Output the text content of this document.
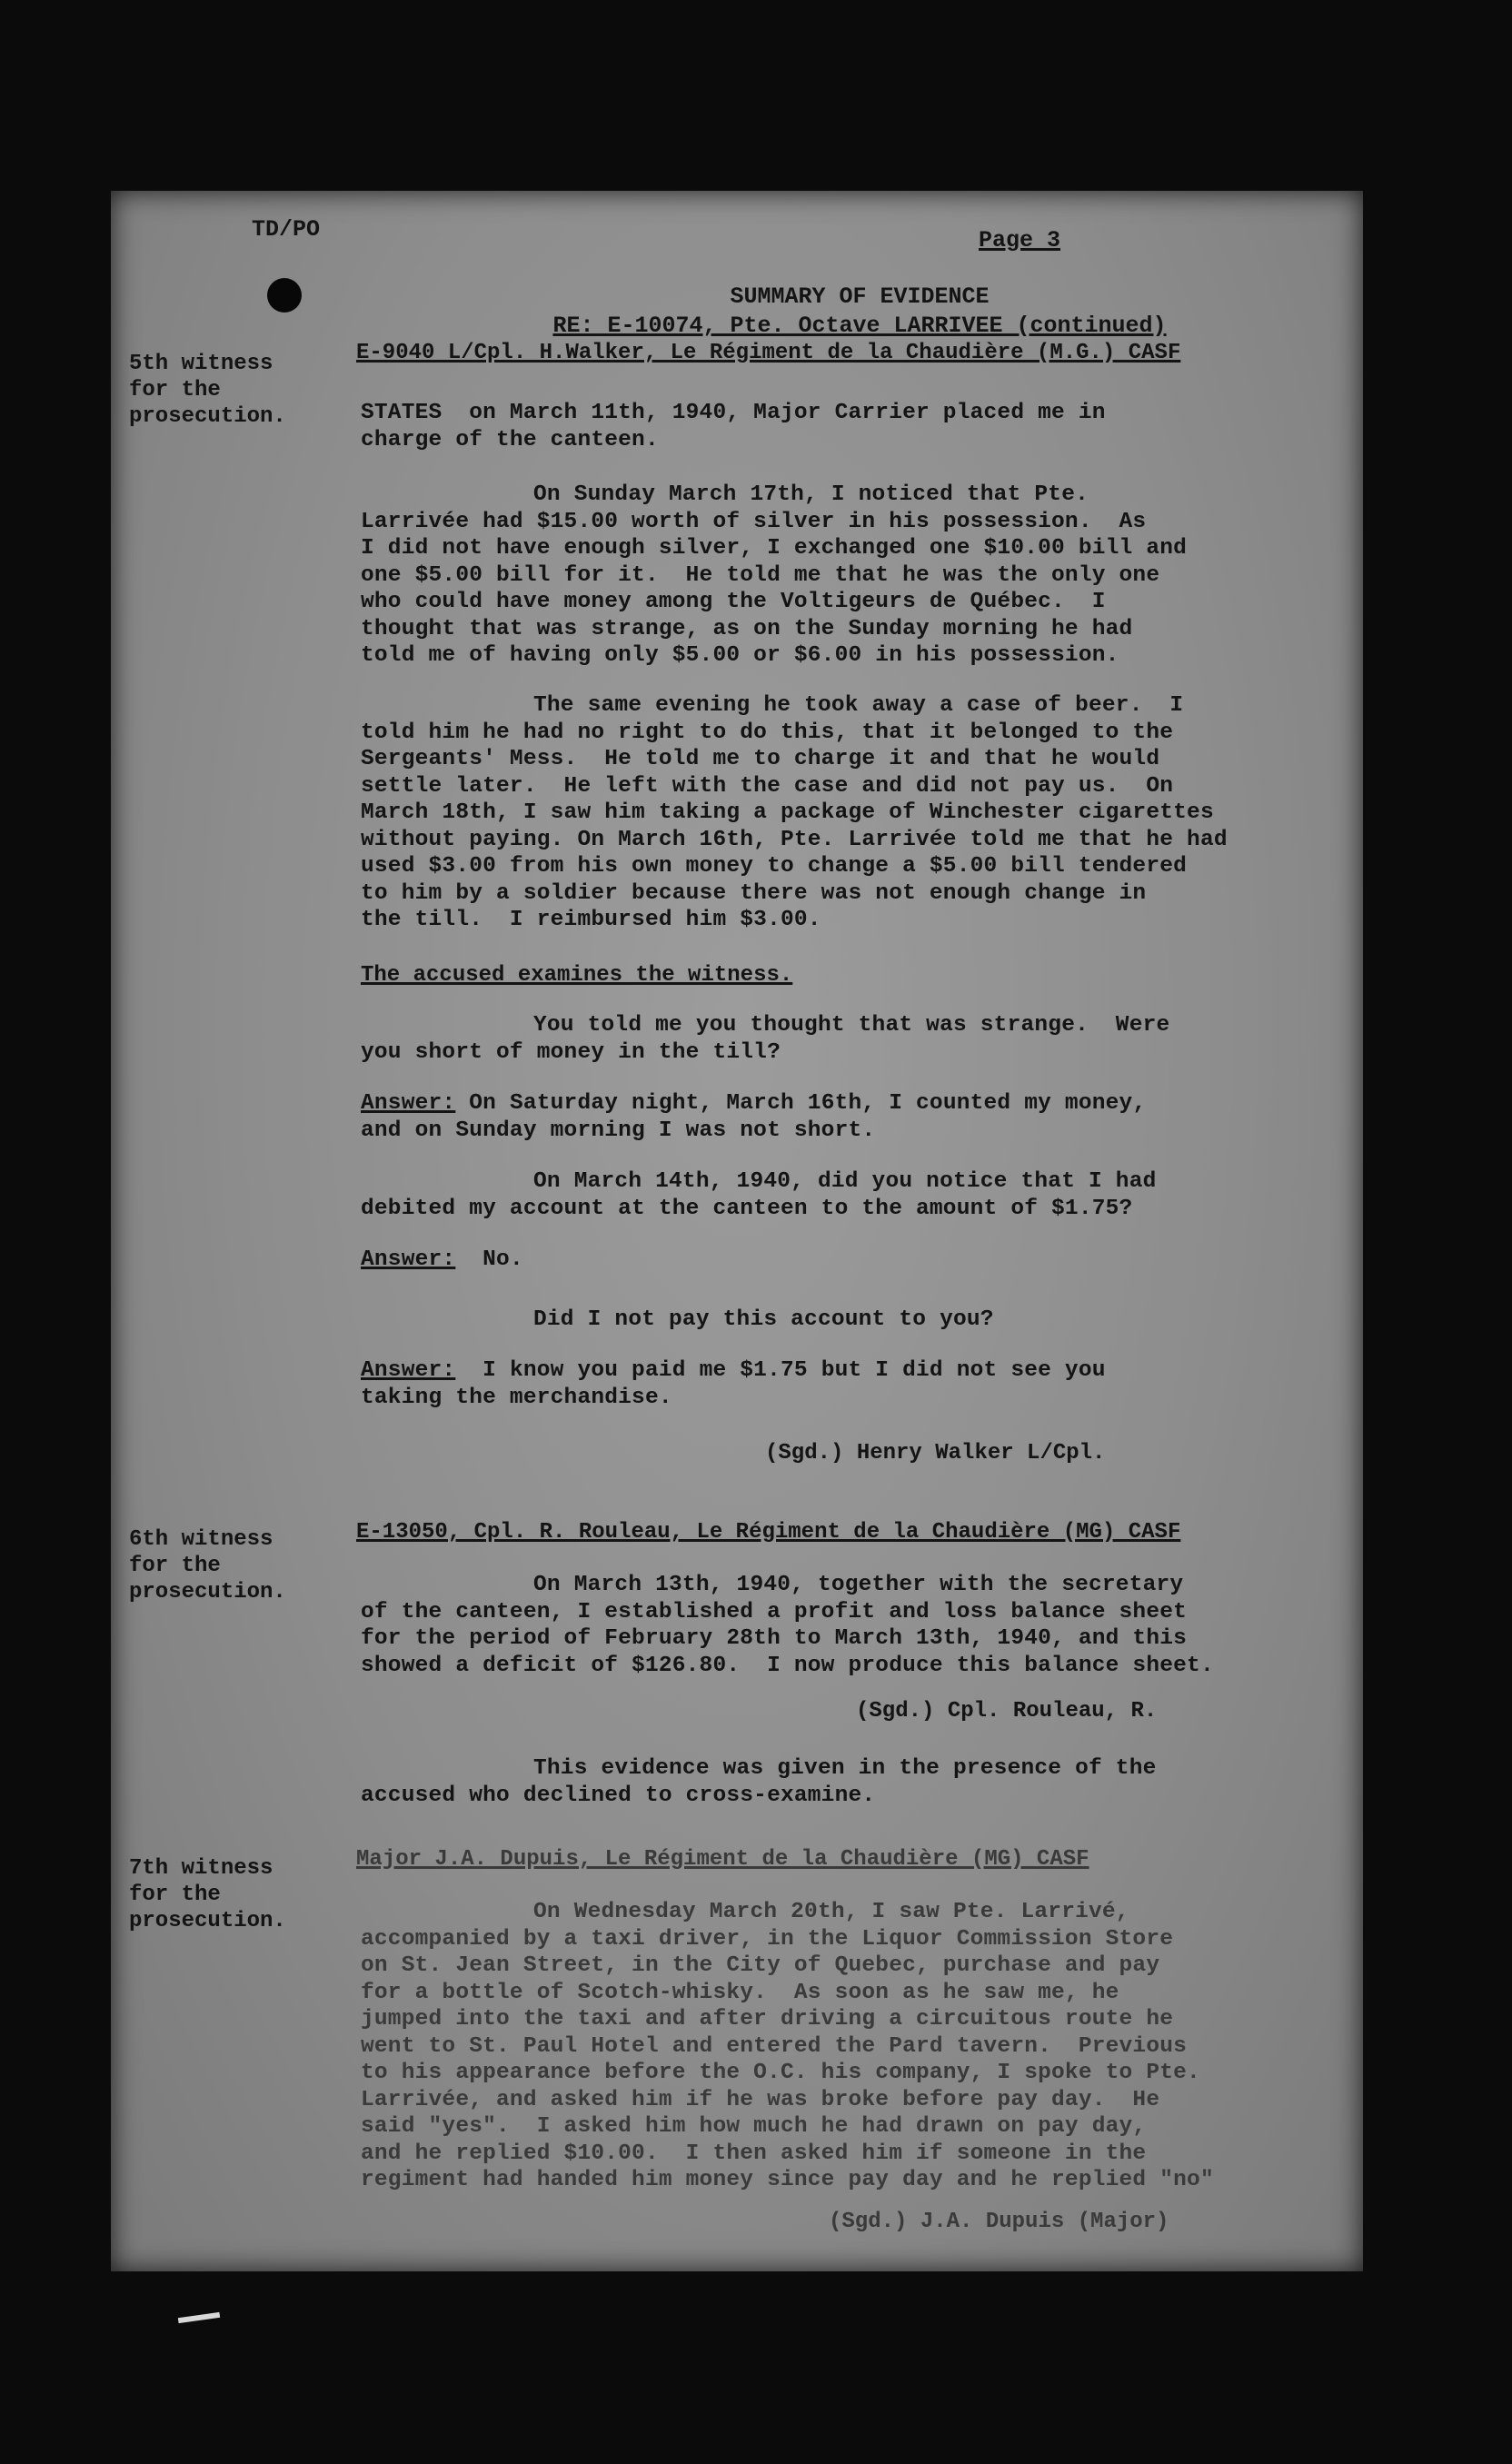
TD/PO	Page 3
SUMMARY OF EVIDENCE
RE: E-10074, Pte. Octave LARRIVEE (continued)
5th witness
for the
prosecution.
E-9040 L/Cpl. H.Walker, Le Régiment de la Chaudière (M.G.) CASF
STATES  on March 11th, 1940, Major Carrier placed me in
charge of the canteen.
On Sunday March 17th, I noticed that Pte.
Larrivée had $15.00 worth of silver in his possession.  As
I did not have enough silver, I exchanged one $10.00 bill and
one $5.00 bill for it.  He told me that he was the only one
who could have money among the Voltigeurs de Québec.  I
thought that was strange, as on the Sunday morning he had
told me of having only $5.00 or $6.00 in his possession.
The same evening he took away a case of beer.  I
told him he had no right to do this, that it belonged to the
Sergeants' Mess.  He told me to charge it and that he would
settle later.  He left with the case and did not pay us.  On
March 18th, I saw him taking a package of Winchester cigarettes
without paying. On March 16th, Pte. Larrivée told me that he had
used $3.00 from his own money to change a $5.00 bill tendered
to him by a soldier because there was not enough change in
the till.  I reimbursed him $3.00.
The accused examines the witness.
You told me you thought that was strange.  Were
you short of money in the till?
Answer: On Saturday night, March 16th, I counted my money,
and on Sunday morning I was not short.
On March 14th, 1940, did you notice that I had
debited my account at the canteen to the amount of $1.75?
Answer:  No.
Did I not pay this account to you?
Answer:  I know you paid me $1.75 but I did not see you
taking the merchandise.
(Sgd.) Henry Walker L/Cpl.
6th witness
for the
prosecution.
E-13050, Cpl. R. Rouleau, Le Régiment de la Chaudière (MG) CASF
On March 13th, 1940, together with the secretary
of the canteen, I established a profit and loss balance sheet
for the period of February 28th to March 13th, 1940, and this
showed a deficit of $126.80.  I now produce this balance sheet.
(Sgd.) Cpl. Rouleau, R.
This evidence was given in the presence of the
accused who declined to cross-examine.
7th witness
for the
prosecution.
Major J.A. Dupuis, Le Régiment de la Chaudière (MG) CASF
On Wednesday March 20th, I saw Pte. Larrivé,
accompanied by a taxi driver, in the Liquor Commission Store
on St. Jean Street, in the City of Quebec, purchase and pay
for a bottle of Scotch-whisky.  As soon as he saw me, he
jumped into the taxi and after driving a circuitous route he
went to St. Paul Hotel and entered the Pard tavern.  Previous
to his appearance before the O.C. his company, I spoke to Pte.
Larrivée, and asked him if he was broke before pay day.  He
said "yes".  I asked him how much he had drawn on pay day,
and he replied $10.00.  I then asked him if someone in the
regiment had handed him money since pay day and he replied "no"
(Sgd.) J.A. Dupuis (Major)
